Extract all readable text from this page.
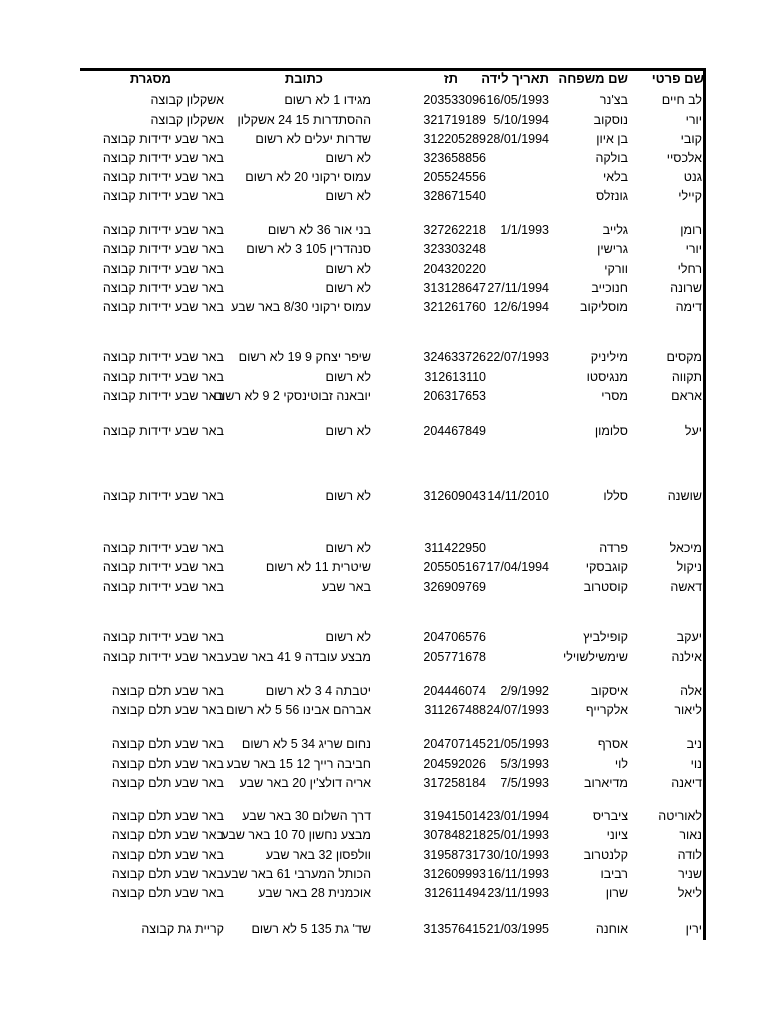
שם פרטי
שם משפחה
תאריך לידה
תז
כתובת
מסגרת
לב חיים
בצ'נר
16/05/1993
203533096
מגידו 1 לא רשום
אשקלון קבוצה
יורי
נוסקוב
5/10/1994
321719189
ההסתדרות 15 24 אשקלון
אשקלון קבוצה
קובי
בן איון
28/01/1994
312205289
שדרות יעלים לא רשום
באר שבע ידידות קבוצה
אלכסיי
בולקה
323658856
לא רשום
באר שבע ידידות קבוצה
גנט
בלאי
205524556
עמוס ירקוני 20 לא רשום
באר שבע ידידות קבוצה
קיילי
גונזלס
328671540
לא רשום
באר שבע ידידות קבוצה
רומן
גלייב
1/1/1993
327262218
בני אור 36 לא רשום
באר שבע ידידות קבוצה
יורי
גרישין
323303248
סנהדרין 105 3 לא רשום
באר שבע ידידות קבוצה
רחלי
וורקי
204320220
לא רשום
באר שבע ידידות קבוצה
שרונה
חנוכייב
27/11/1994
313128647
לא רשום
באר שבע ידידות קבוצה
דימה
מוסליקוב
12/6/1994
321261760
עמוס ירקוני 8/30 באר שבע
באר שבע ידידות קבוצה
מקסים
מיליניק
22/07/1993
324633726
שיפר יצחק 9 19 לא רשום
באר שבע ידידות קבוצה
תקווה
מנגיסטו
312613110
לא רשום
באר שבע ידידות קבוצה
אראם
מסרי
206317653
יובאנה זבוטינסקי 2 9 לא רשום
באר שבע ידידות קבוצה
יעל
סלומון
204467849
לא רשום
באר שבע ידידות קבוצה
שושנה
סללו
14/11/2010
312609043
לא רשום
באר שבע ידידות קבוצה
מיכאל
פרדה
311422950
לא רשום
באר שבע ידידות קבוצה
ניקול
קוגבסקי
17/04/1994
205505167
שיטרית 11 לא רשום
באר שבע ידידות קבוצה
דאשה
קוסטרוב
326909769
באר שבע
באר שבע ידידות קבוצה
יעקב
קופילביץ
204706576
לא רשום
באר שבע ידידות קבוצה
אילנה
שימשילשוילי
205771678
מבצע עובדה 9 41 באר שבע
באר שבע ידידות קבוצה
אלה
איסקוב
2/9/1992
204446074
יטבתה 4 3 לא רשום
באר שבע תלם קבוצה
ליאור
אלקרייף
24/07/1993
311267488
אברהם אבינו 56 5 לא רשום
באר שבע תלם קבוצה
ניב
אסרף
21/05/1993
204707145
נחום שריג 34 5 לא רשום
באר שבע תלם קבוצה
נוי
לוי
5/3/1993
204592026
חביבה רייך 12 15 באר שבע
באר שבע תלם קבוצה
דיאנה
מדיארוב
7/5/1993
317258184
אריה דולצ'ין 20 באר שבע
באר שבע תלם קבוצה
לאוריטה
ציבריס
23/01/1994
319415014
דרך השלום 30 באר שבע
באר שבע תלם קבוצה
נאור
ציוני
25/01/1993
307848218
מבצע נחשון 70 10 באר שבע
באר שבע תלם קבוצה
לודה
קלנטרוב
30/10/1993
319587317
וולפסון 32 באר שבע
באר שבע תלם קבוצה
שניר
רביבו
16/11/1993
312609993
הכותל המערבי 61 באר שבע
באר שבע תלם קבוצה
ליאל
שרון
23/11/1993
312611494
אוכמנית 28 באר שבע
באר שבע תלם קבוצה
ירין
אוחנה
21/03/1995
313576415
שד' גת 135 5 לא רשום
קריית גת קבוצה
